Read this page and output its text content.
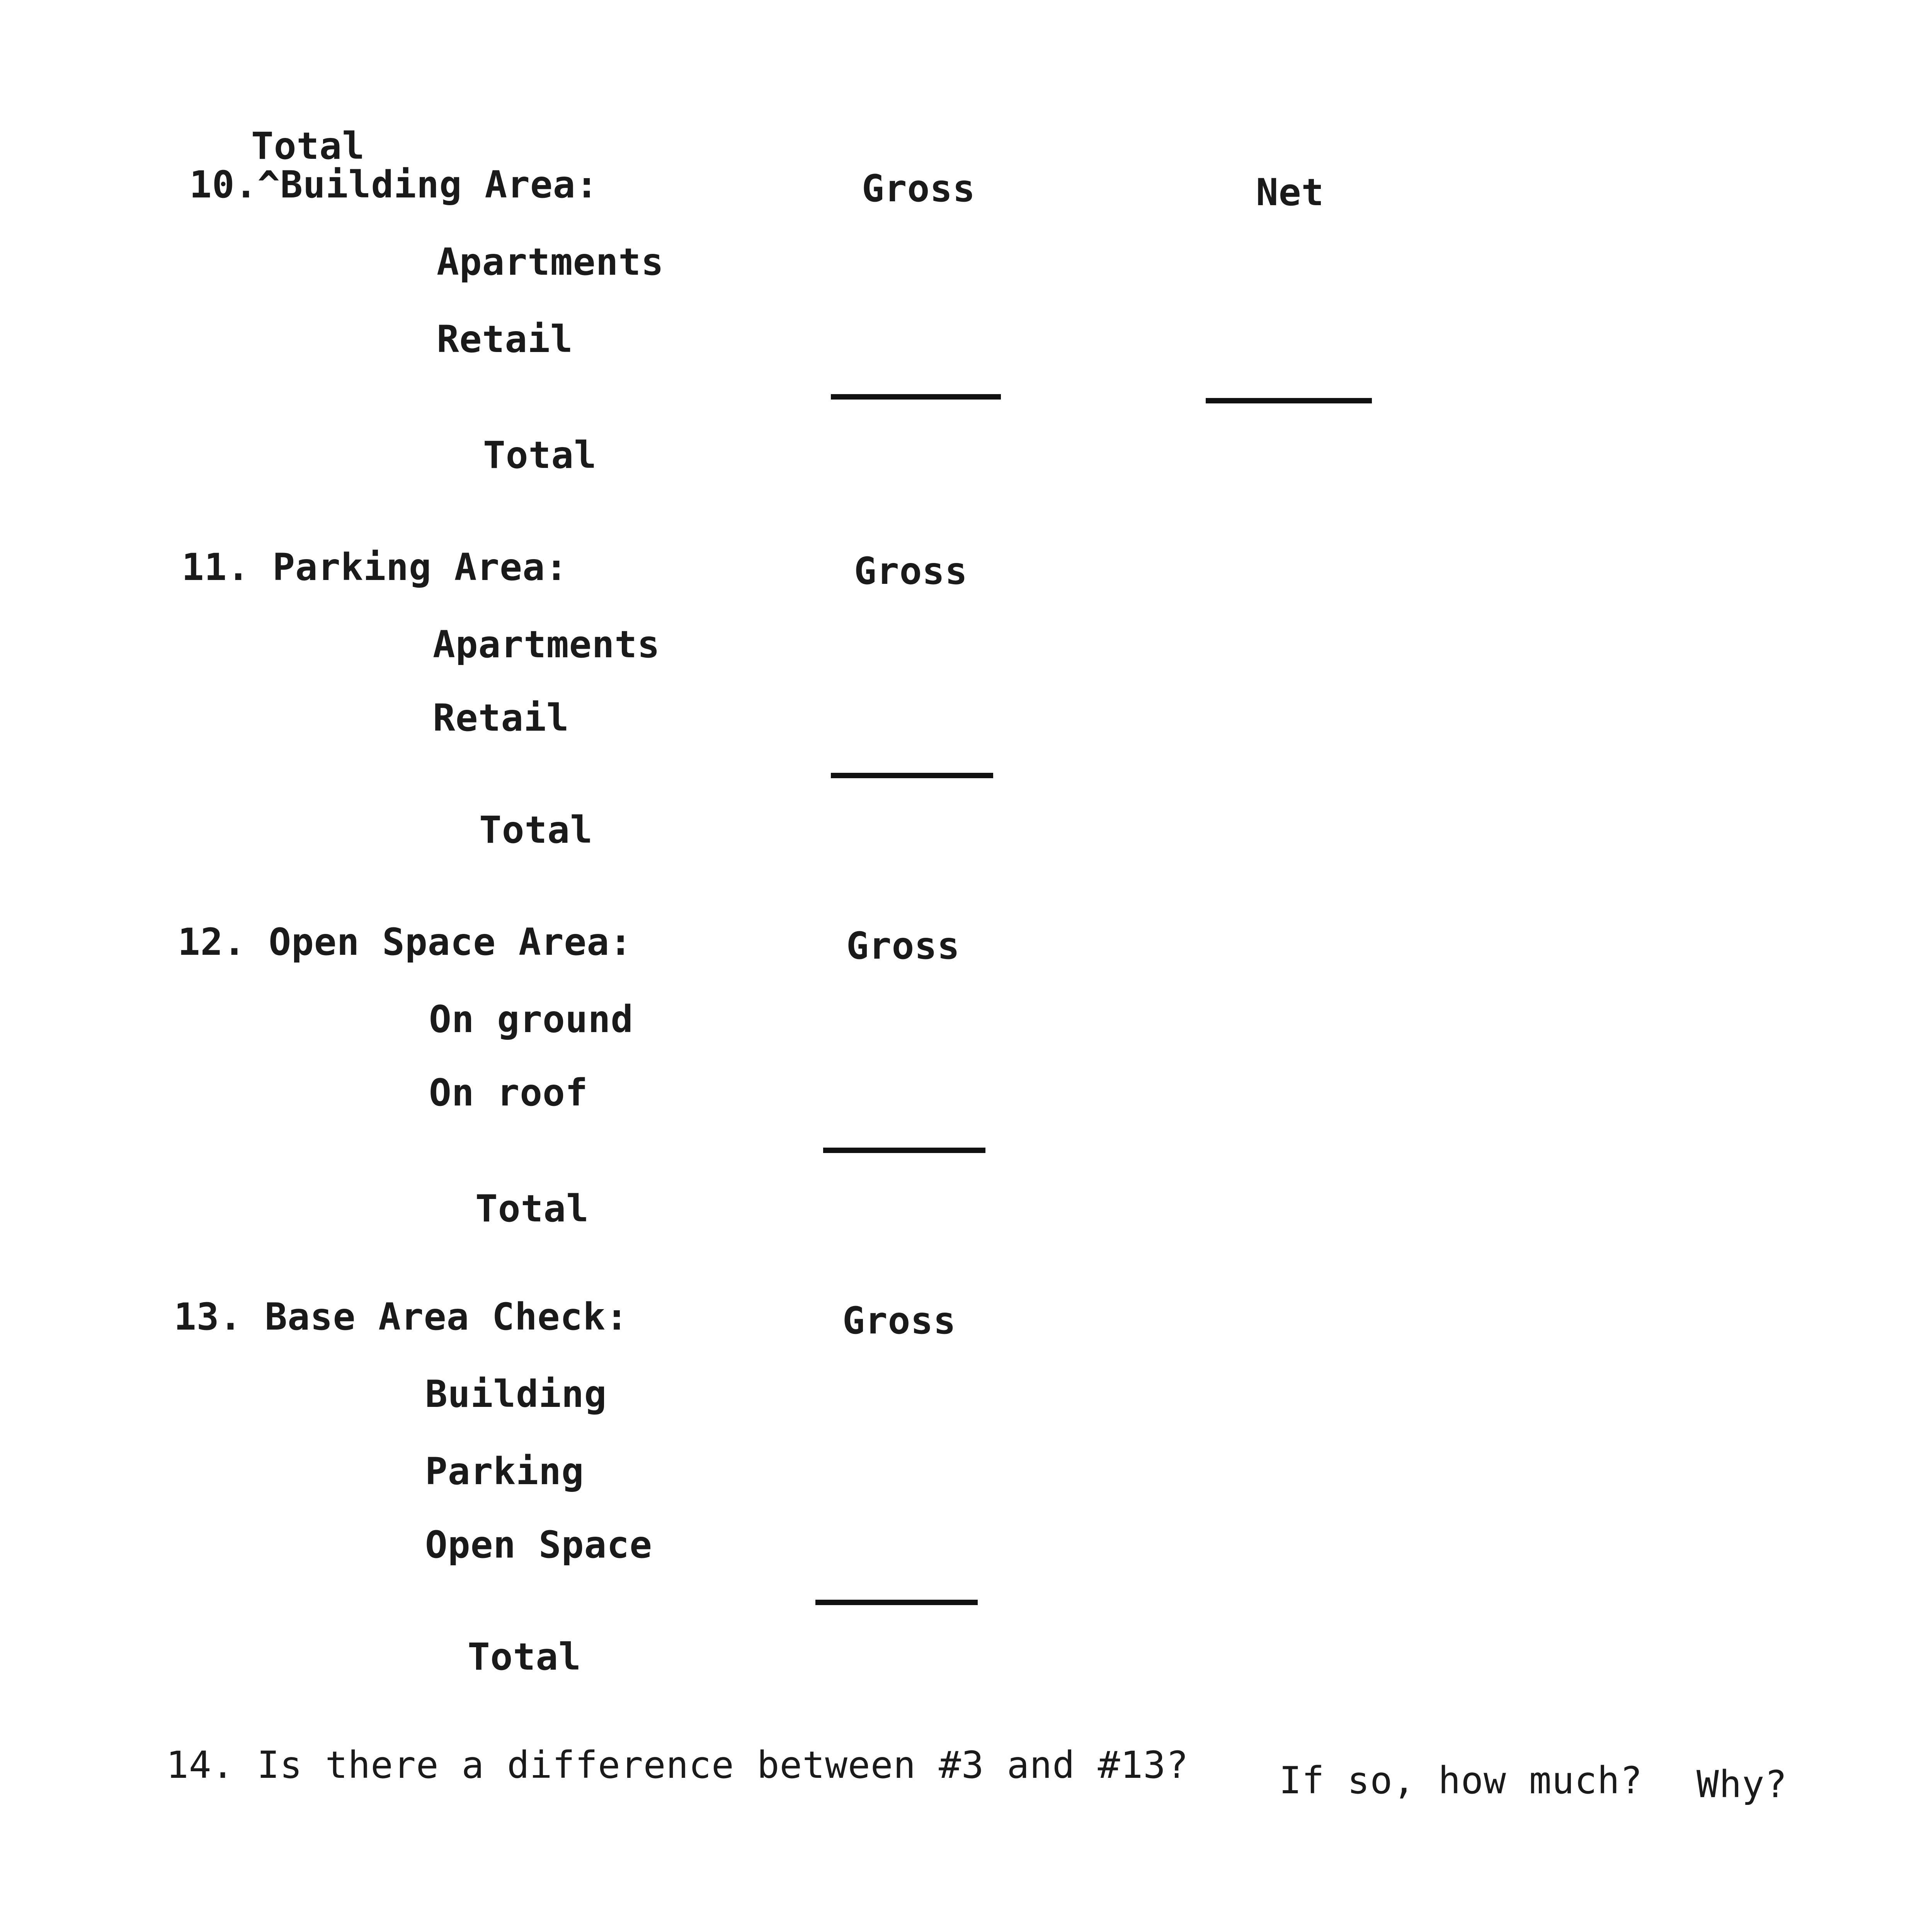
Total
10.^Building Area:	Gross	Net
Apartments
Retail
Total
11. Parking Area:	Gross
Apartments
Retail
Total
12. Open Space Area:	Gross
On ground
On roof
Total
13. Base Area Check:	Gross
Building
Parking
Open Space
Total
14. Is there a difference between #3 and #13? If so, how much? Why?
